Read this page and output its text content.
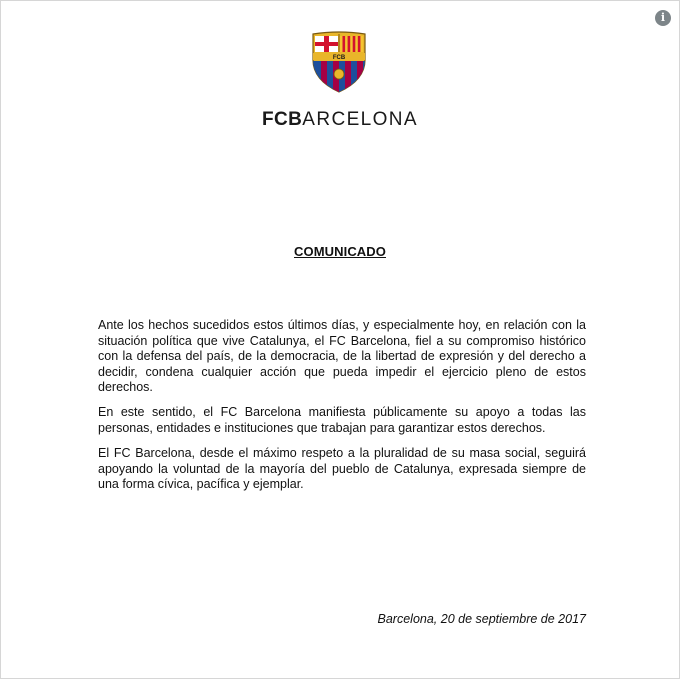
i
FCB
FCBARCELONA
COMUNICADO

Ante los hechos sucedidos estos últimos días, y especialmente hoy, en relación con la situación política que vive Catalunya, el FC Barcelona, fiel a su compromiso histórico con la defensa del país, de la democracia, de la libertad de expresión y del derecho a decidir, condena cualquier acción que pueda impedir el ejercicio pleno de estos derechos.

En este sentido, el FC Barcelona manifiesta públicamente su apoyo a todas las personas, entidades e instituciones que trabajan para garantizar estos derechos.

El FC Barcelona, desde el máximo respeto a la pluralidad de su masa social, seguirá apoyando la voluntad de la mayoría del pueblo de Catalunya, expresada siempre de una forma cívica, pacífica y ejemplar.

Barcelona, 20 de septiembre de 2017
